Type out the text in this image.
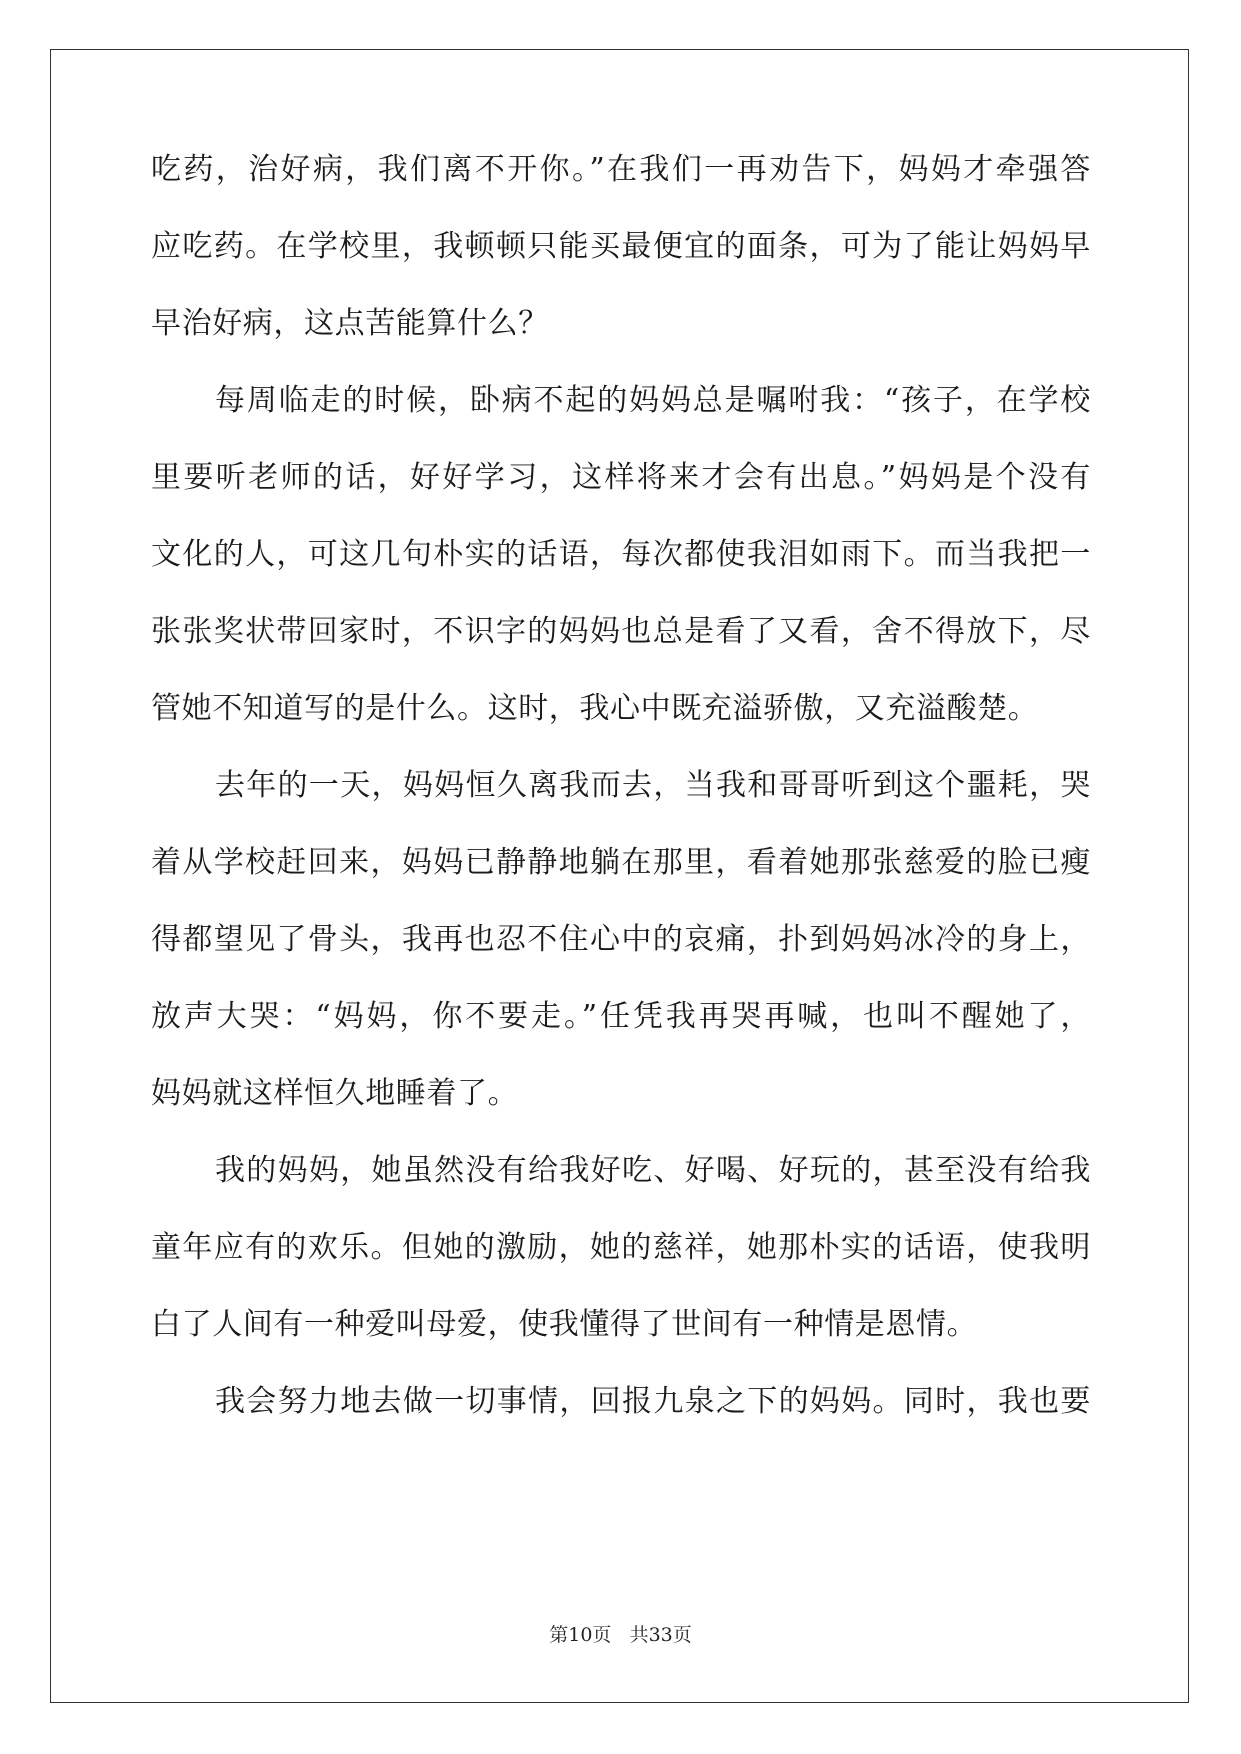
吃药，治好病，我们离不开你。”在我们一再劝告下，妈妈才牵强答
应吃药。在学校里，我顿顿只能买最便宜的面条，可为了能让妈妈早
早治好病，这点苦能算什么？
每周临走的时候，卧病不起的妈妈总是嘱咐我：“孩子，在学校
里要听老师的话，好好学习，这样将来才会有出息。”妈妈是个没有
文化的人，可这几句朴实的话语，每次都使我泪如雨下。而当我把一
张张奖状带回家时，不识字的妈妈也总是看了又看，舍不得放下，尽
管她不知道写的是什么。这时，我心中既充溢骄傲，又充溢酸楚。
去年的一天，妈妈恒久离我而去，当我和哥哥听到这个噩耗，哭
着从学校赶回来，妈妈已静静地躺在那里，看着她那张慈爱的脸已瘦
得都望见了骨头，我再也忍不住心中的哀痛，扑到妈妈冰冷的身上，
放声大哭：“妈妈，你不要走。”任凭我再哭再喊，也叫不醒她了，
妈妈就这样恒久地睡着了。
我的妈妈，她虽然没有给我好吃、好喝、好玩的，甚至没有给我
童年应有的欢乐。但她的激励，她的慈祥，她那朴实的话语，使我明
白了人间有一种爱叫母爱，使我懂得了世间有一种情是恩情。
我会努力地去做一切事情，回报九泉之下的妈妈。同时，我也要
第10页 共33页
